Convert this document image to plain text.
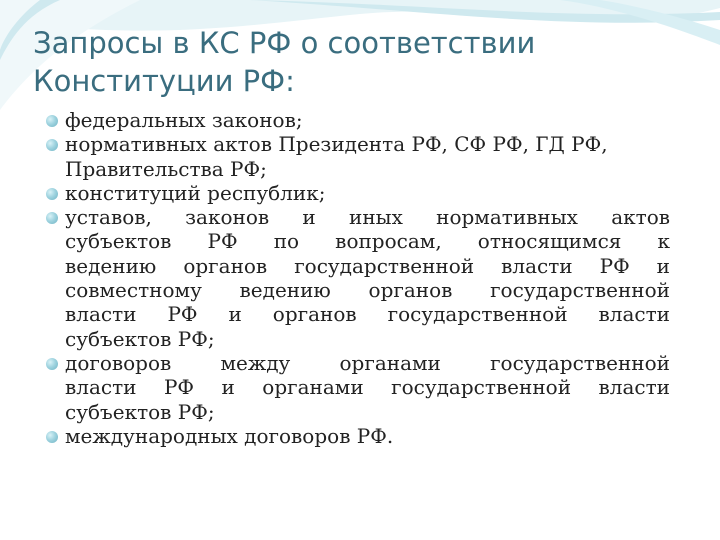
Запросы в КС РФ о соответствии
Конституции РФ:
федеральных законов;
нормативных актов Президента РФ, СФ РФ, ГД РФ,
Правительства РФ;
конституций республик;
уставов, законов и иных нормативных актов
субъектов РФ по вопросам, относящимся к
ведению органов государственной власти РФ и
совместному ведению органов государственной
власти РФ и органов государственной власти
субъектов РФ;
договоров между органами государственной
власти РФ и органами государственной власти
субъектов РФ;
международных договоров РФ.
